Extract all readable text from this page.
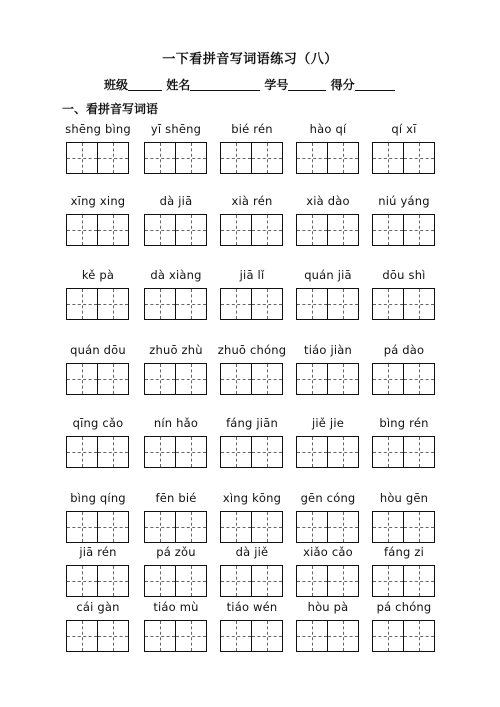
一下看拼音写词语练习（八）
班级	姓名	学号	得分
一、看拼音写词语
shēng bìng	yī shēng	bié rén	hào qí	qí xī
xīng xing	dà jiā	xià rén	xià dào	niú yáng
kě pà	dà xiàng	jiā lǐ	quán jiā	dōu shì
quán dōu	zhuō zhù	zhuō chóng	tiáo jiàn	pá dào
qīng cǎo	nín hǎo	fáng jiān	jiě jie	bìng rén
bìng qíng	fēn bié	xìng kōng	gēn cóng	hòu gēn
jiā rén	pá zǒu	dà jiě	xiǎo cǎo	fáng zi
cái gàn	tiáo mù	tiáo wén	hòu pà	pá chóng
